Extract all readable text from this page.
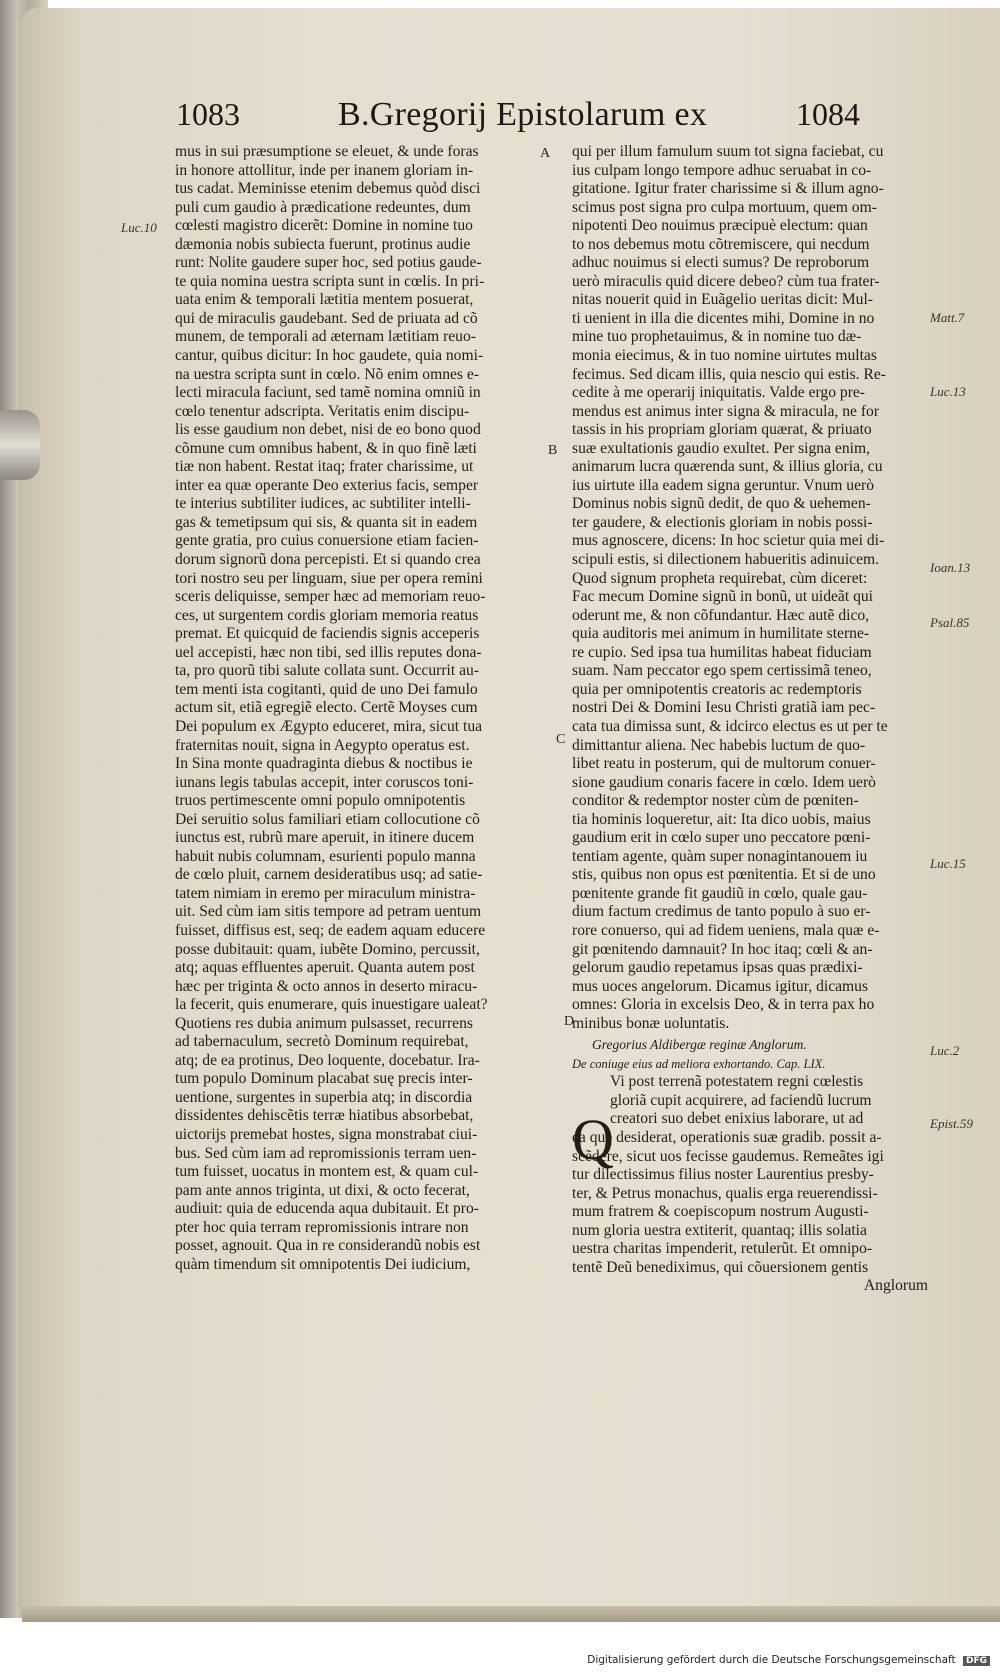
1083	B.Gregorij Epistolarum ex	1084
mus in sui præsumptione se eleuet, & unde foras
in honore attollitur, inde per inanem gloriam in-
tus cadat. Meminisse etenim debemus quòd disci
puli cum gaudio à prædicatione redeuntes, dum
cœlesti magistro dicerẽt: Domine in nomine tuo
dæmonia nobis subiecta fuerunt, protinus audie
runt: Nolite gaudere super hoc, sed potius gaude-
te quia nomina uestra scripta sunt in cœlis. In pri-
uata enim & temporali lætitia mentem posuerat,
qui de miraculis gaudebant. Sed de priuata ad cõ
munem, de temporali ad æternam lætitiam reuo-
cantur, quibus dicitur: In hoc gaudete, quia nomi-
na uestra scripta sunt in cœlo. Nõ enim omnes e-
lecti miracula faciunt, sed tamẽ nomina omniũ in
cœlo tenentur adscripta. Veritatis enim discipu-
lis esse gaudium non debet, nisi de eo bono quod
cõmune cum omnibus habent, & in quo finẽ læti
tiæ non habent. Restat itaq; frater charissime, ut
inter ea quæ operante Deo exterius facis, semper
te interius subtiliter iudices, ac subtiliter intelli-
gas & temetipsum qui sis, & quanta sit in eadem
gente gratia, pro cuius conuersione etiam facien-
dorum signorũ dona percepisti. Et si quando crea
tori nostro seu per linguam, siue per opera remini
sceris deliquisse, semper hæc ad memoriam reuo-
ces, ut surgentem cordis gloriam memoria reatus
premat. Et quicquid de faciendis signis acceperis
uel accepisti, hæc non tibi, sed illis reputes dona-
ta, pro quorũ tibi salute collata sunt. Occurrit au-
tem menti ista cogitanti, quid de uno Dei famulo
actum sit, etiã egregiẽ electo. Certẽ Moyses cum
Dei populum ex Ægypto educeret, mira, sicut tua
fraternitas nouit, signa in Aegypto operatus est.
In Sina monte quadraginta diebus & noctibus ie
iunans legis tabulas accepit, inter coruscos toni-
truos pertimescente omni populo omnipotentis
Dei seruitio solus familiari etiam collocutione cõ
iunctus est, rubrũ mare aperuit, in itinere ducem
habuit nubis columnam, esurienti populo manna
de cœlo pluit, carnem desideratibus usq; ad satie-
tatem nimiam in eremo per miraculum ministra-
uit. Sed cùm iam sitis tempore ad petram uentum
fuisset, diffisus est, seq; de eadem aquam educere
posse dubitauit: quam, iubẽte Domino, percussit,
atq; aquas effluentes aperuit. Quanta autem post
hæc per triginta & octo annos in deserto miracu-
la fecerit, quis enumerare, quis inuestigare ualeat?
Quotiens res dubia animum pulsasset, recurrens
ad tabernaculum, secretò Dominum requirebat,
atq; de ea protinus, Deo loquente, docebatur. Ira-
tum populo Dominum placabat suę precis inter-
uentione, surgentes in superbia atq; in discordia
dissidentes dehiscẽtis terræ hiatibus absorbebat,
uictorijs premebat hostes, signa monstrabat ciui-
bus. Sed cùm iam ad repromissionis terram uen-
tum fuisset, uocatus in montem est, & quam cul-
pam ante annos triginta, ut dixi, & octo fecerat,
audiuit: quia de educenda aqua dubitauit. Et pro-
pter hoc quia terram repromissionis intrare non
posset, agnouit. Qua in re considerandũ nobis est
quàm timendum sit omnipotentis Dei iudicium,
qui per illum famulum suum tot signa faciebat, cu
ius culpam longo tempore adhuc seruabat in co-
gitatione. Igitur frater charissime si & illum agno-
scimus post signa pro culpa mortuum, quem om-
nipotenti Deo nouimus præcipuè electum: quan
to nos debemus motu cõtremiscere, qui necdum
adhuc nouimus si electi sumus? De reproborum
uerò miraculis quid dicere debeo? cùm tua frater-
nitas nouerit quid in Euãgelio ueritas dicit: Mul-
ti uenient in illa die dicentes mihi, Domine in no
mine tuo prophetauimus, & in nomine tuo dæ-
monia eiecimus, & in tuo nomine uirtutes multas
fecimus. Sed dicam illis, quia nescio qui estis. Re-
cedite à me operarij iniquitatis. Valde ergo pre-
mendus est animus inter signa & miracula, ne for
tassis in his propriam gloriam quærat, & priuato
suæ exultationis gaudio exultet. Per signa enim,
animarum lucra quærenda sunt, & illius gloria, cu
ius uirtute illa eadem signa geruntur. Vnum uerò
Dominus nobis signũ dedit, de quo & uehemen-
ter gaudere, & electionis gloriam in nobis possi-
mus agnoscere, dicens: In hoc scietur quia mei di-
scipuli estis, si dilectionem habueritis adinuicem.
Quod signum propheta requirebat, cùm diceret:
Fac mecum Domine signũ in bonũ, ut uideãt qui
oderunt me, & non cõfundantur. Hæc autẽ dico,
quia auditoris mei animum in humilitate sterne-
re cupio. Sed ipsa tua humilitas habeat fiduciam
suam. Nam peccator ego spem certissimã teneo,
quia per omnipotentis creatoris ac redemptoris
nostri Dei & Domini Iesu Christi gratiã iam pec-
cata tua dimissa sunt, & idcirco electus es ut per te
dimittantur aliena. Nec habebis luctum de quo-
libet reatu in posterum, qui de multorum conuer-
sione gaudium conaris facere in cœlo. Idem uerò
conditor & redemptor noster cùm de pœniten-
tia hominis loqueretur, ait: Ita dico uobis, maius
gaudium erit in cœlo super uno peccatore pœni-
tentiam agente, quàm super nonagintanouem iu
stis, quibus non opus est pœnitentia. Et si de uno
pœnitente grande fit gaudiũ in cœlo, quale gau-
dium factum credimus de tanto populo à suo er-
rore conuerso, qui ad fidem ueniens, mala quæ e-
git pœnitendo damnauit? In hoc itaq; cœli & an-
gelorum gaudio repetamus ipsas quas prædixi-
mus uoces angelorum. Dicamus igitur, dicamus
omnes: Gloria in excelsis Deo, & in terra pax ho
minibus bonæ uoluntatis.
Gregorius Aldibergæ reginæ Anglorum.
De coniuge eius ad meliora exhortando. Cap. LIX.
Vi post terrenã potestatem regni cœlestis
gloriã cupit acquirere, ad faciendũ lucrum
creatori suo debet enixius laborare, ut ad
ea quę desiderat, operationis suæ gradib. possit a-
scẽdere, sicut uos fecisse gaudemus. Remeãtes igi
tur dilectissimus filius noster Laurentius presby-
ter, & Petrus monachus, qualis erga reuerendissi-
mum fratrem & coepiscopum nostrum Augusti-
num gloria uestra extiterit, quantaq; illis solatia
uestra charitas impenderit, retulerũt. Et omnipo-
tentẽ Deũ benediximus, qui cõuersionem gentis
Anglorum
Q
Luc.10
Matt.7
Luc.13
Ioan.13
Psal.85
Luc.15
Luc.2
Epist.59
A
B
C
D
Digitalisierung gefördert durch die Deutsche Forschungsgemeinschaft DFG
